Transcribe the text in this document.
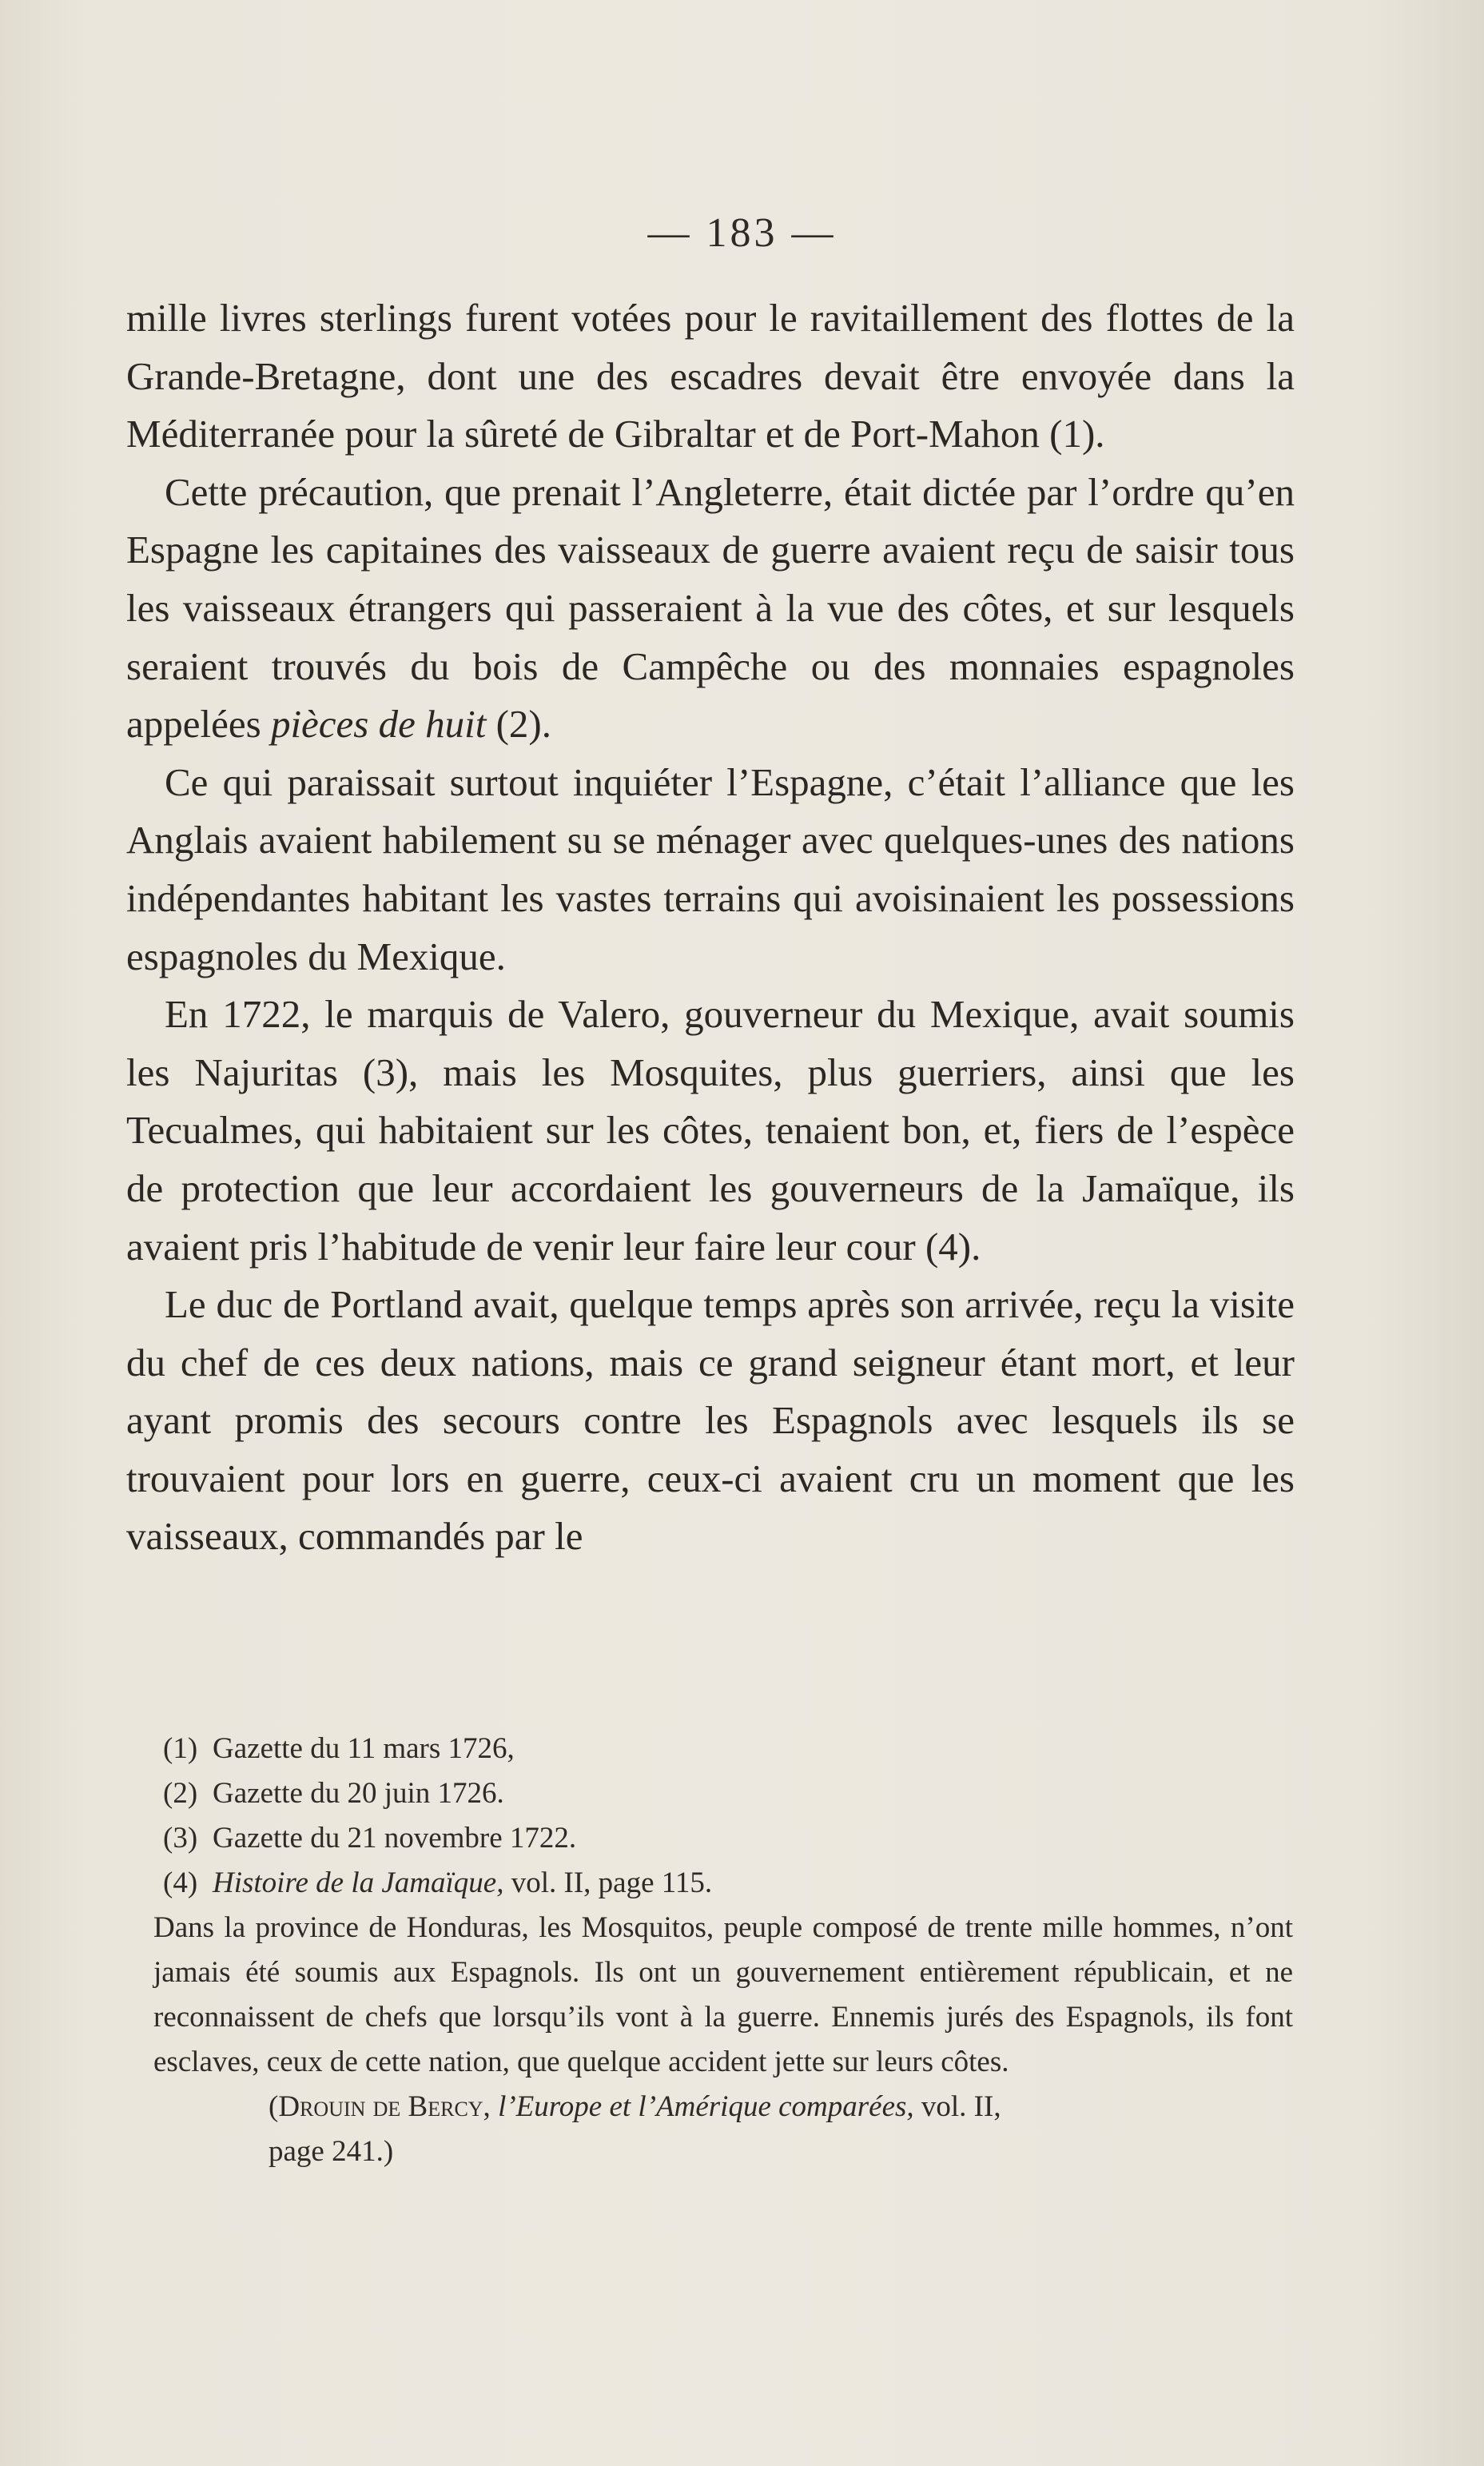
— 183 —

mille livres sterlings furent votées pour le ravitaillement des flottes de la Grande-Bretagne, dont une des escadres devait être envoyée dans la Méditerranée pour la sûreté de Gibraltar et de Port-Mahon (1).

Cette précaution, que prenait l’Angleterre, était dictée par l’ordre qu’en Espagne les capitaines des vaisseaux de guerre avaient reçu de saisir tous les vaisseaux étrangers qui passeraient à la vue des côtes, et sur lesquels seraient trouvés du bois de Campêche ou des monnaies espagnoles appelées pièces de huit (2).

Ce qui paraissait surtout inquiéter l’Espagne, c’était l’alliance que les Anglais avaient habilement su se ménager avec quelques-unes des nations indépendantes habitant les vastes terrains qui avoisinaient les possessions espagnoles du Mexique.

En 1722, le marquis de Valero, gouverneur du Mexique, avait soumis les Najuritas (3), mais les Mosquites, plus guerriers, ainsi que les Tecualmes, qui habitaient sur les côtes, tenaient bon, et, fiers de l’espèce de protection que leur accordaient les gouverneurs de la Jamaïque, ils avaient pris l’habitude de venir leur faire leur cour (4).

Le duc de Portland avait, quelque temps après son arrivée, reçu la visite du chef de ces deux nations, mais ce grand seigneur étant mort, et leur ayant promis des secours contre les Espagnols avec lesquels ils se trouvaient pour lors en guerre, ceux-ci avaient cru un moment que les vaisseaux, commandés par le

(1) Gazette du 11 mars 1726,

(2) Gazette du 20 juin 1726.

(3) Gazette du 21 novembre 1722.

(4) Histoire de la Jamaïque, vol. II, page 115.

Dans la province de Honduras, les Mosquitos, peuple composé de trente mille hommes, n’ont jamais été soumis aux Espagnols. Ils ont un gouvernement entièrement républicain, et ne reconnaissent de chefs que lorsqu’ils vont à la guerre. Ennemis jurés des Espagnols, ils font esclaves, ceux de cette nation, que quelque accident jette sur leurs côtes.

(Drouin de Bercy, l’Europe et l’Amérique comparées, vol. II,
page 241.)
